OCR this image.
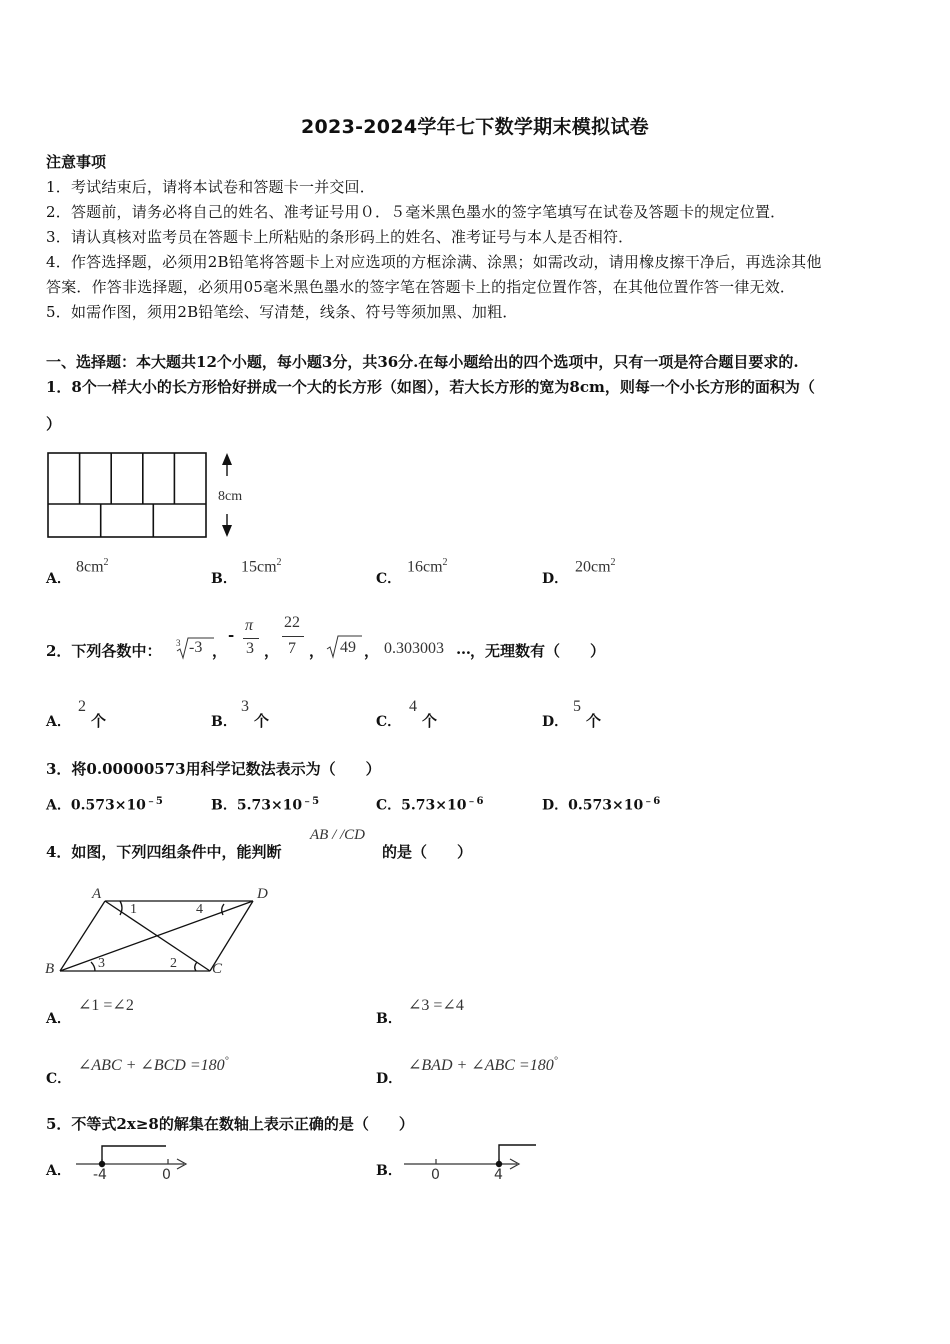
2023-2024学年七下数学期末模拟试卷
注意事项
1．考试结束后，请将本试卷和答题卡一并交回．
2．答题前，请务必将自己的姓名、准考证号用０．５毫米黑色墨水的签字笔填写在试卷及答题卡的规定位置．
3．请认真核对监考员在答题卡上所粘贴的条形码上的姓名、准考证号与本人是否相符．
4．作答选择题，必须用2B铅笔将答题卡上对应选项的方框涂满、涂黑；如需改动，请用橡皮擦干净后，再选涂其他
答案．作答非选择题，必须用05毫米黑色墨水的签字笔在答题卡上的指定位置作答，在其他位置作答一律无效．
5．如需作图，须用2B铅笔绘、写清楚，线条、符号等须加黑、加粗．
一、选择题：本大题共12个小题，每小题3分，共36分.在每小题给出的四个选项中，只有一项是符合题目要求的.
1．8个一样大小的长方形恰好拼成一个大的长方形（如图），若大长方形的宽为8cm，则每一个小长方形的面积为（
）
8cm
A．
$8cm^2$
B．
$15cm^2$
C．
$16cm^2$
D．
$20cm^2$
2．下列各数中： 3 -3 ，
-
π
3 ，
22
7 ， 49 ， 0.303003 … ，无理数有（　　）
A．
2
个	B．
3
个	C．
4
个	D．
5
个
3．将0.00000573用科学记数法表示为（　　）
A．$0.573\times 10^{﹣5}$	B．$5.73\times 10^{﹣5}$	C．$5.73\times 10^{﹣6}$	D．$0.573\times 10^{﹣6}$
4．如图，下列四组条件中，能判断
AB / /CD
的是（　　）
A	D
B	C
1	4
3	2
A．
∠1 =∠2
B．
∠3 =∠4
C．
∠ABC + ∠BCD =180°
D．
∠BAD + ∠ABC =180°
5．不等式2x≥8的解集在数轴上表示正确的是（　　）
A． -4	0	B． 0	4
